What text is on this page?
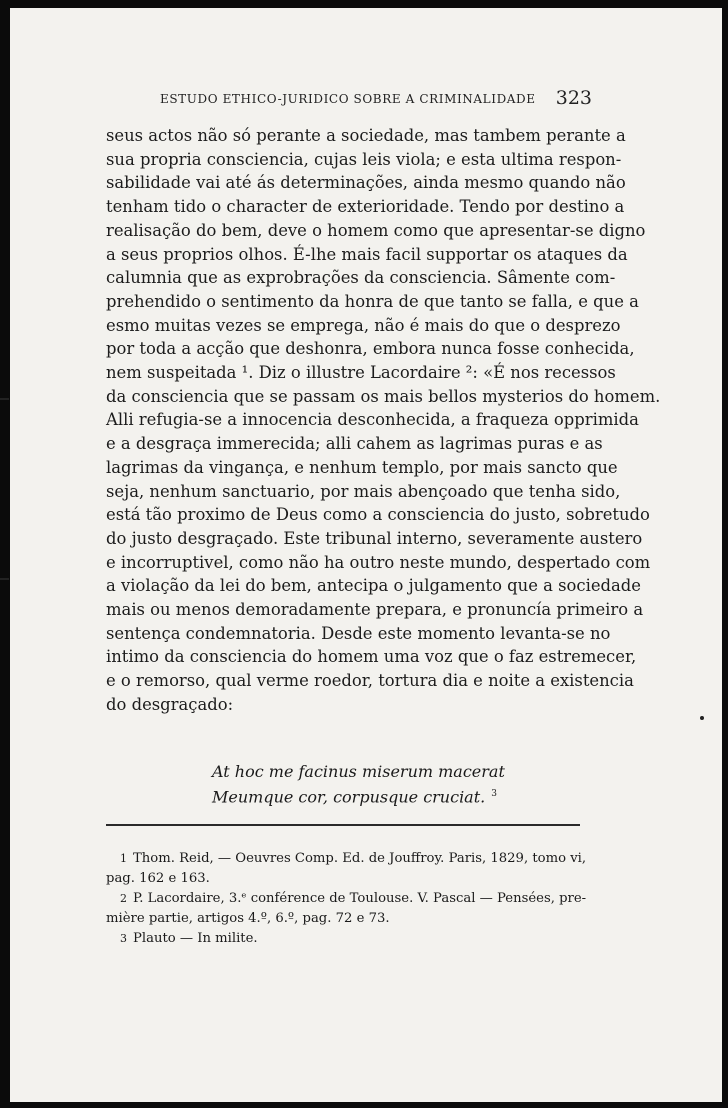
ESTUDO ETHICO-JURIDICO SOBRE A CRIMINALIDADE 323
seus actos não só perante a sociedade, mas tambem perante a
sua propria consciencia, cujas leis viola; e esta ultima respon-
sabilidade vai até ás determinações, ainda mesmo quando não
tenham tido o character de exterioridade. Tendo por destino a
realisação do bem, deve o homem como que apresentar-se digno
a seus proprios olhos. É-lhe mais facil supportar os ataques da
calumnia que as exprobrações da consciencia. Sâmente com-
prehendido o sentimento da honra de que tanto se falla, e que a
esmo muitas vezes se emprega, não é mais do que o desprezo
por toda a acção que deshonra, embora nunca fosse conhecida,
nem suspeitada ¹. Diz o illustre Lacordaire ²: «É nos recessos
da consciencia que se passam os mais bellos mysterios do homem.
Alli refugia-se a innocencia desconhecida, a fraqueza opprimida
e a desgraça immerecida; alli cahem as lagrimas puras e as
lagrimas da vingança, e nenhum templo, por mais sancto que
seja, nenhum sanctuario, por mais abençoado que tenha sido,
está tão proximo de Deus como a consciencia do justo, sobretudo
do justo desgraçado. Este tribunal interno, severamente austero
e incorruptivel, como não ha outro neste mundo, despertado com
a violação da lei do bem, antecipa o julgamento que a sociedade
mais ou menos demoradamente prepara, e pronuncía primeiro a
sentença condemnatoria. Desde este momento levanta-se no
intimo da consciencia do homem uma voz que o faz estremecer,
e o remorso, qual verme roedor, tortura dia e noite a existencia
do desgraçado:
At hoc me facinus miserum macerat
Meumque cor, corpusque cruciat. $^3$
1 Thom. Reid, — Oeuvres Comp. Ed. de Jouffroy. Paris, 1829, tomo vi,
pag. 162 e 163.
2 P. Lacordaire, 3.ᵉ conférence de Toulouse. V. Pascal — Pensées, pre-
mière partie, artigos 4.º, 6.º, pag. 72 e 73.
3 Plauto — In milite.
